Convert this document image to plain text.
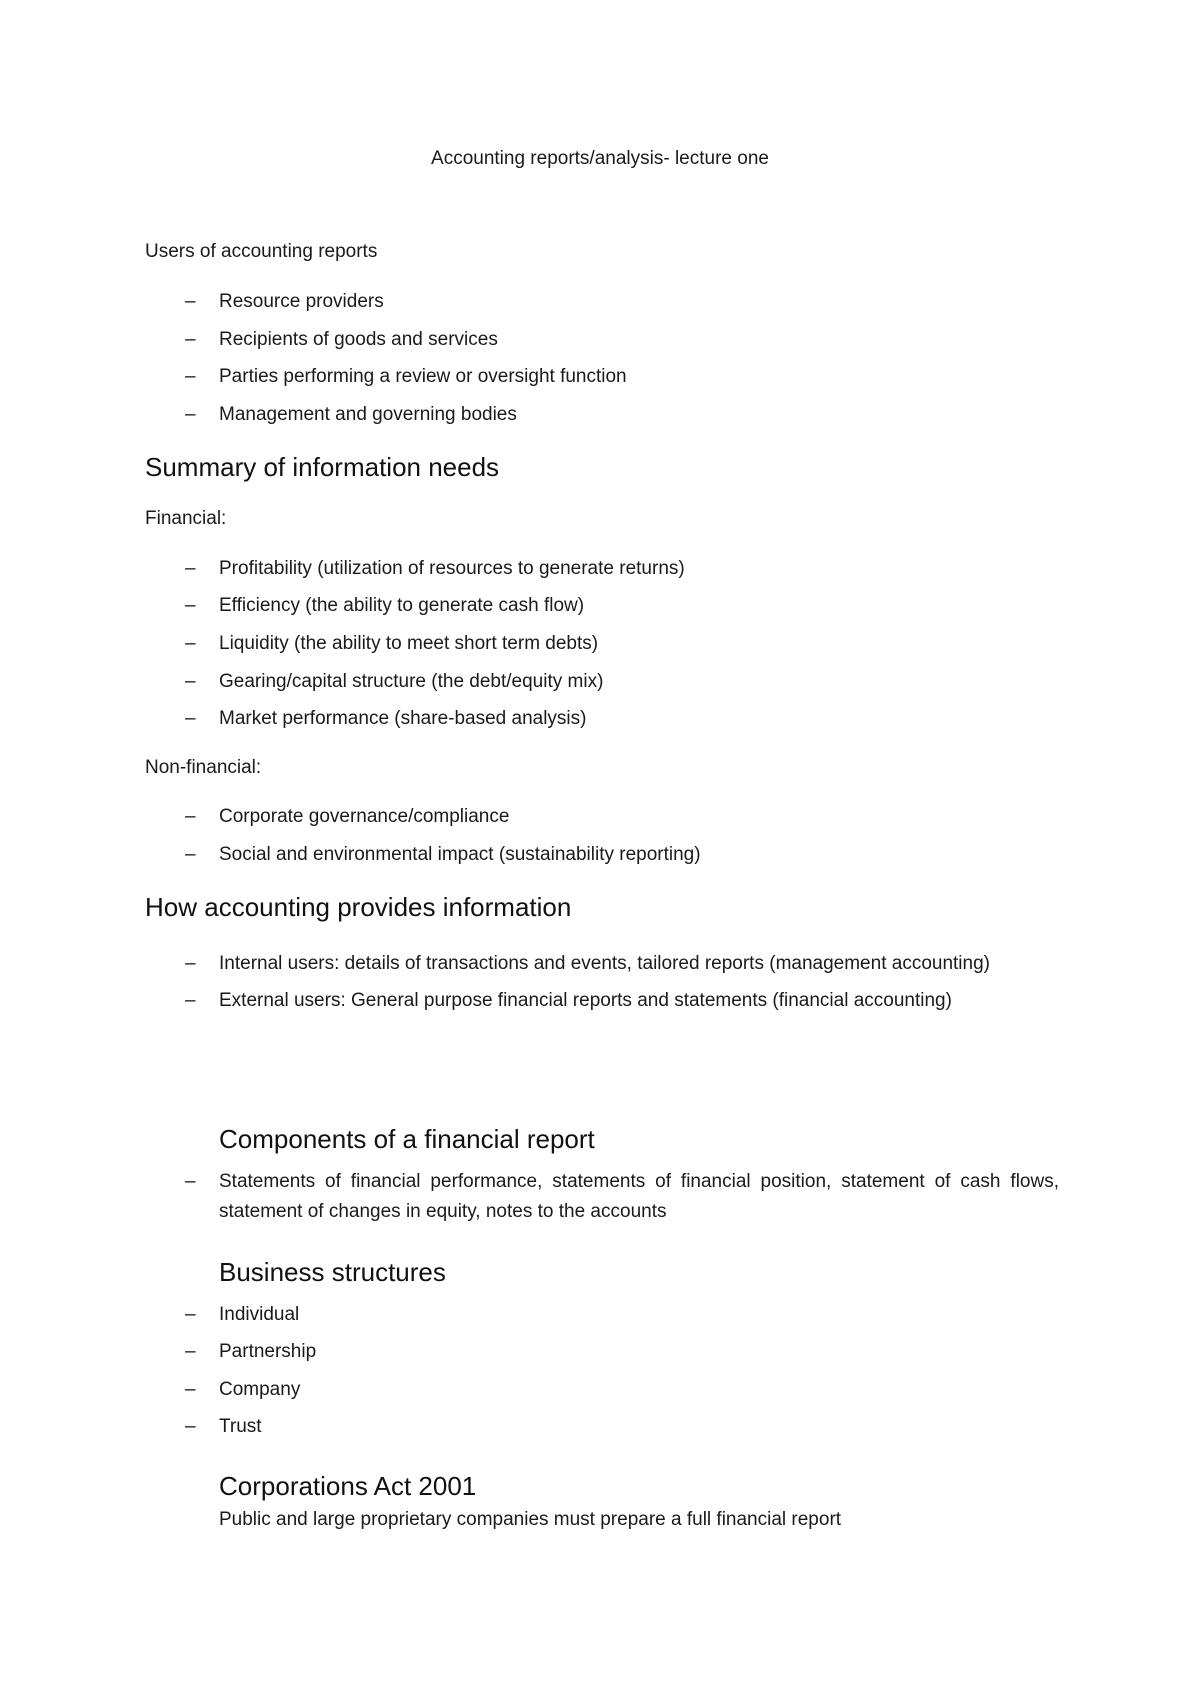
Accounting reports/analysis- lecture one
Users of accounting reports
– Resource providers
– Recipients of goods and services
– Parties performing a review or oversight function
– Management and governing bodies
Summary of information needs
Financial:
– Profitability (utilization of resources to generate returns)
– Efficiency (the ability to generate cash flow)
– Liquidity (the ability to meet short term debts)
– Gearing/capital structure (the debt/equity mix)
– Market performance (share-based analysis)
Non-financial:
– Corporate governance/compliance
– Social and environmental impact (sustainability reporting)
How accounting provides information
– Internal users: details of transactions and events, tailored reports (management accounting)
– External users: General purpose financial reports and statements (financial accounting)
Components of a financial report
– Statements of financial performance, statements of financial position, statement of cash flows, statement of changes in equity, notes to the accounts
Business structures
– Individual
– Partnership
– Company
– Trust
Corporations Act 2001
Public and large proprietary companies must prepare a full financial report
